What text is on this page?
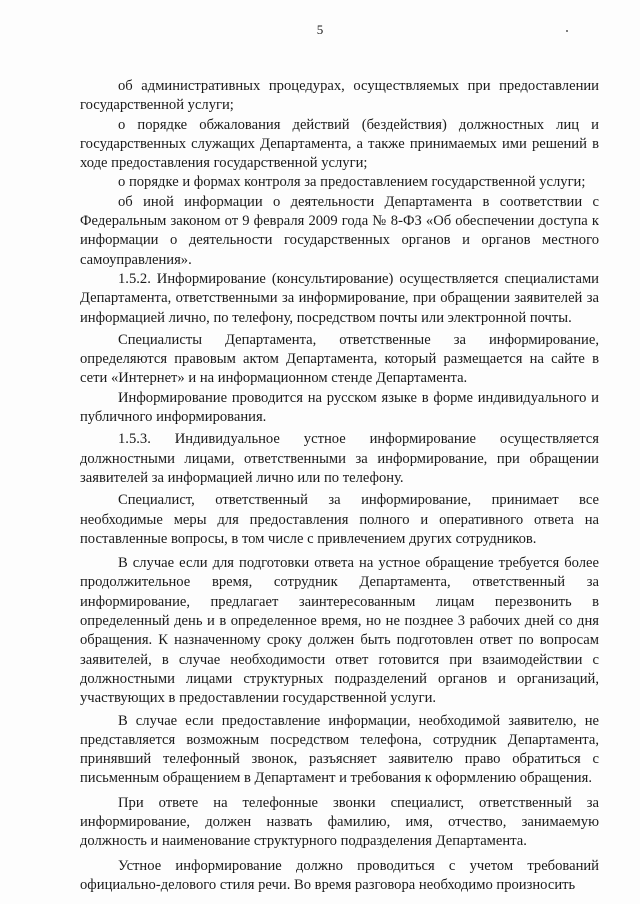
5

об административных процедурах, осуществляемых при предоставлении государственной услуги;

о порядке обжалования действий (бездействия) должностных лиц и государственных служащих Департамента, а также принимаемых ими решений в ходе предоставления государственной услуги;

о порядке и формах контроля за предоставлением государственной услуги;

об иной информации о деятельности Департамента в соответствии с Федеральным законом от 9 февраля 2009 года № 8-ФЗ «Об обеспечении доступа к информации о деятельности государственных органов и органов местного самоуправления».

1.5.2. Информирование (консультирование) осуществляется специалистами Департамента, ответственными за информирование, при обращении заявителей за информацией лично, по телефону, посредством почты или электронной почты.

Специалисты Департамента, ответственные за информирование, определяются правовым актом Департамента, который размещается на сайте в сети «Интернет» и на информационном стенде Департамента.

Информирование проводится на русском языке в форме индивидуального и публичного информирования.

1.5.3. Индивидуальное устное информирование осуществляется должностными лицами, ответственными за информирование, при обращении заявителей за информацией лично или по телефону.

Специалист, ответственный за информирование, принимает все необходимые меры для предоставления полного и оперативного ответа на поставленные вопросы, в том числе с привлечением других сотрудников.

В случае если для подготовки ответа на устное обращение требуется более продолжительное время, сотрудник Департамента, ответственный за информирование, предлагает заинтересованным лицам перезвонить в определенный день и в определенное время, но не позднее 3 рабочих дней со дня обращения. К назначенному сроку должен быть подготовлен ответ по вопросам заявителей, в случае необходимости ответ готовится при взаимодействии с должностными лицами структурных подразделений органов и организаций, участвующих в предоставлении государственной услуги.

В случае если предоставление информации, необходимой заявителю, не представляется возможным посредством телефона, сотрудник Департамента, принявший телефонный звонок, разъясняет заявителю право обратиться с письменным обращением в Департамент и требования к оформлению обращения.

При ответе на телефонные звонки специалист, ответственный за информирование, должен назвать фамилию, имя, отчество, занимаемую должность и наименование структурного подразделения Департамента.

Устное информирование должно проводиться с учетом требований официально-делового стиля речи. Во время разговора необходимо произносить
